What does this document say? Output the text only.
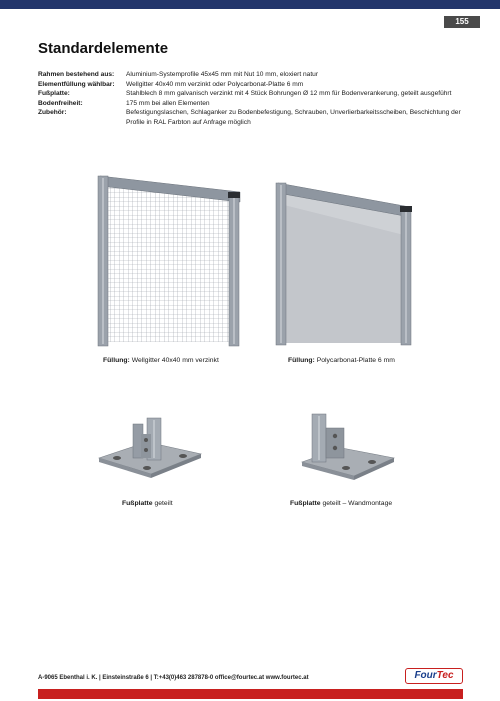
155
Standardelemente
Rahmen bestehend aus:	Aluminium-Systemprofile 45x45 mm mit Nut 10 mm, eloxiert natur
Elementfüllung wählbar:	Wellgitter 40x40 mm verzinkt oder Polycarbonat-Platte 6 mm
Fußplatte:	Stahlblech 8 mm galvanisch verzinkt mit 4 Stück Bohrungen Ø 12 mm für Bodenverankerung, geteilt ausgeführt
Bodenfreiheit:	175 mm bei allen Elementen
Zubehör:	Befestigungslaschen, Schlaganker zu Bodenbefestigung, Schrauben, Unverlierbarkeitsscheiben, Beschichtung der Profile in RAL Farbton auf Anfrage möglich
Füllung: Wellgitter 40x40 mm verzinkt	Füllung: Polycarbonat-Platte 6 mm
Fußplatte geteilt	Fußplatte geteilt – Wandmontage
A-9065 Ebenthal i. K. | Einsteinstraße 6 | T:+43(0)463 287878-0 office@fourtec.at www.fourtec.at	FourTec
